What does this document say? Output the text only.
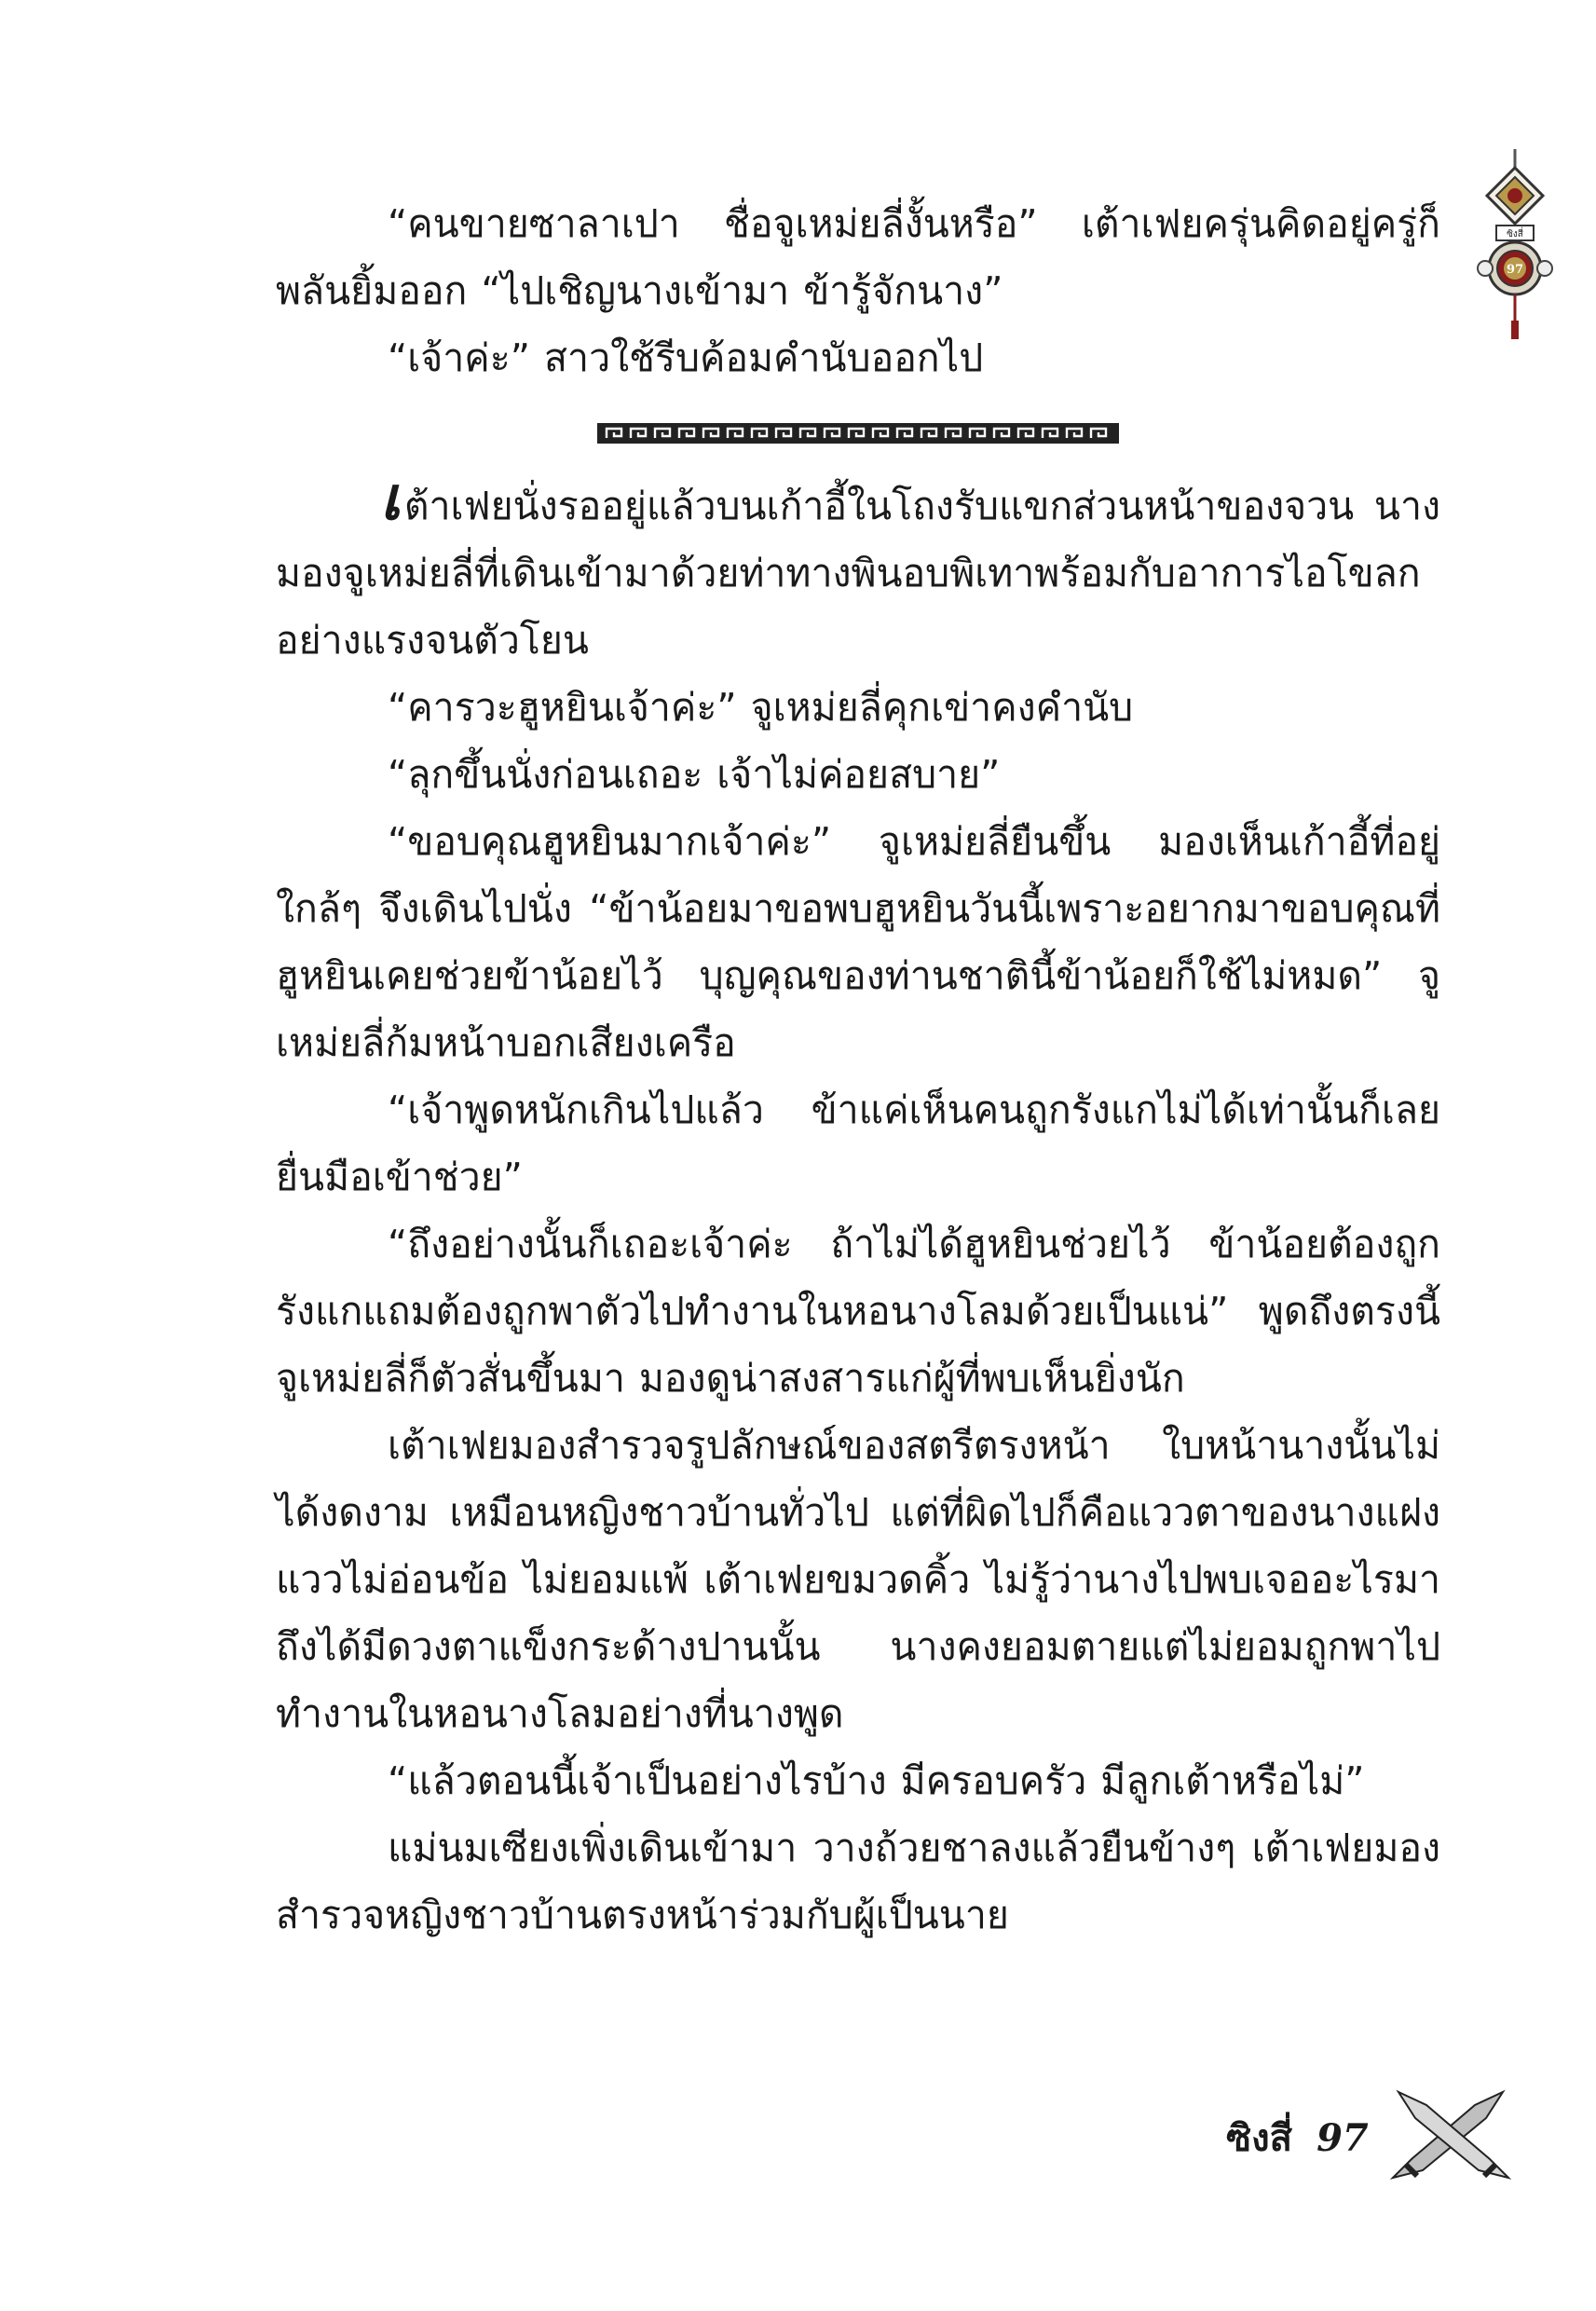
ซิงสี่
97

“คนขายซาลาเปา ชื่อจูเหม่ยลี่งั้นหรือ” เต้าเฟยครุ่นคิดอยู่ครู่ก็พลันยิ้มออก “ไปเชิญนางเข้ามา ข้ารู้จักนาง”

“เจ้าค่ะ” สาวใช้รีบค้อมคำนับออกไป

เต้าเฟยนั่งรออยู่แล้วบนเก้าอี้ในโถงรับแขกส่วนหน้าของจวน นางมองจูเหม่ยลี่ที่เดินเข้ามาด้วยท่าทางพินอบพิเทาพร้อมกับอาการไอโขลกอย่างแรงจนตัวโยน

“คารวะฮูหยินเจ้าค่ะ” จูเหม่ยลี่คุกเข่าคงคำนับ

“ลุกขึ้นนั่งก่อนเถอะ เจ้าไม่ค่อยสบาย”

“ขอบคุณฮูหยินมากเจ้าค่ะ” จูเหม่ยลี่ยืนขึ้น มองเห็นเก้าอี้ที่อยู่ใกล้ๆ จึงเดินไปนั่ง “ข้าน้อยมาขอพบฮูหยินวันนี้เพราะอยากมาขอบคุณที่ฮูหยินเคยช่วยข้าน้อยไว้ บุญคุณของท่านชาตินี้ข้าน้อยก็ใช้ไม่หมด” จูเหม่ยลี่ก้มหน้าบอกเสียงเครือ

“เจ้าพูดหนักเกินไปแล้ว ข้าแค่เห็นคนถูกรังแกไม่ได้เท่านั้นก็เลยยื่นมือเข้าช่วย”

“ถึงอย่างนั้นก็เถอะเจ้าค่ะ ถ้าไม่ได้ฮูหยินช่วยไว้ ข้าน้อยต้องถูกรังแกแถมต้องถูกพาตัวไปทำงานในหอนางโลมด้วยเป็นแน่” พูดถึงตรงนี้ จูเหม่ยลี่ก็ตัวสั่นขึ้นมา มองดูน่าสงสารแก่ผู้ที่พบเห็นยิ่งนัก

เต้าเฟยมองสำรวจรูปลักษณ์ของสตรีตรงหน้า ใบหน้านางนั้นไม่ได้งดงาม เหมือนหญิงชาวบ้านทั่วไป แต่ที่ผิดไปก็คือแววตาของนางแฝงแววไม่อ่อนข้อ ไม่ยอมแพ้ เต้าเฟยขมวดคิ้ว ไม่รู้ว่านางไปพบเจออะไรมาถึงได้มีดวงตาแข็งกระด้างปานนั้น นางคงยอมตายแต่ไม่ยอมถูกพาไปทำงานในหอนางโลมอย่างที่นางพูด

“แล้วตอนนี้เจ้าเป็นอย่างไรบ้าง มีครอบครัว มีลูกเต้าหรือไม่”

แม่นมเซียงเพิ่งเดินเข้ามา วางถ้วยชาลงแล้วยืนข้างๆ เต้าเฟยมองสำรวจหญิงชาวบ้านตรงหน้าร่วมกับผู้เป็นนาย

ซิงสี่ 97
